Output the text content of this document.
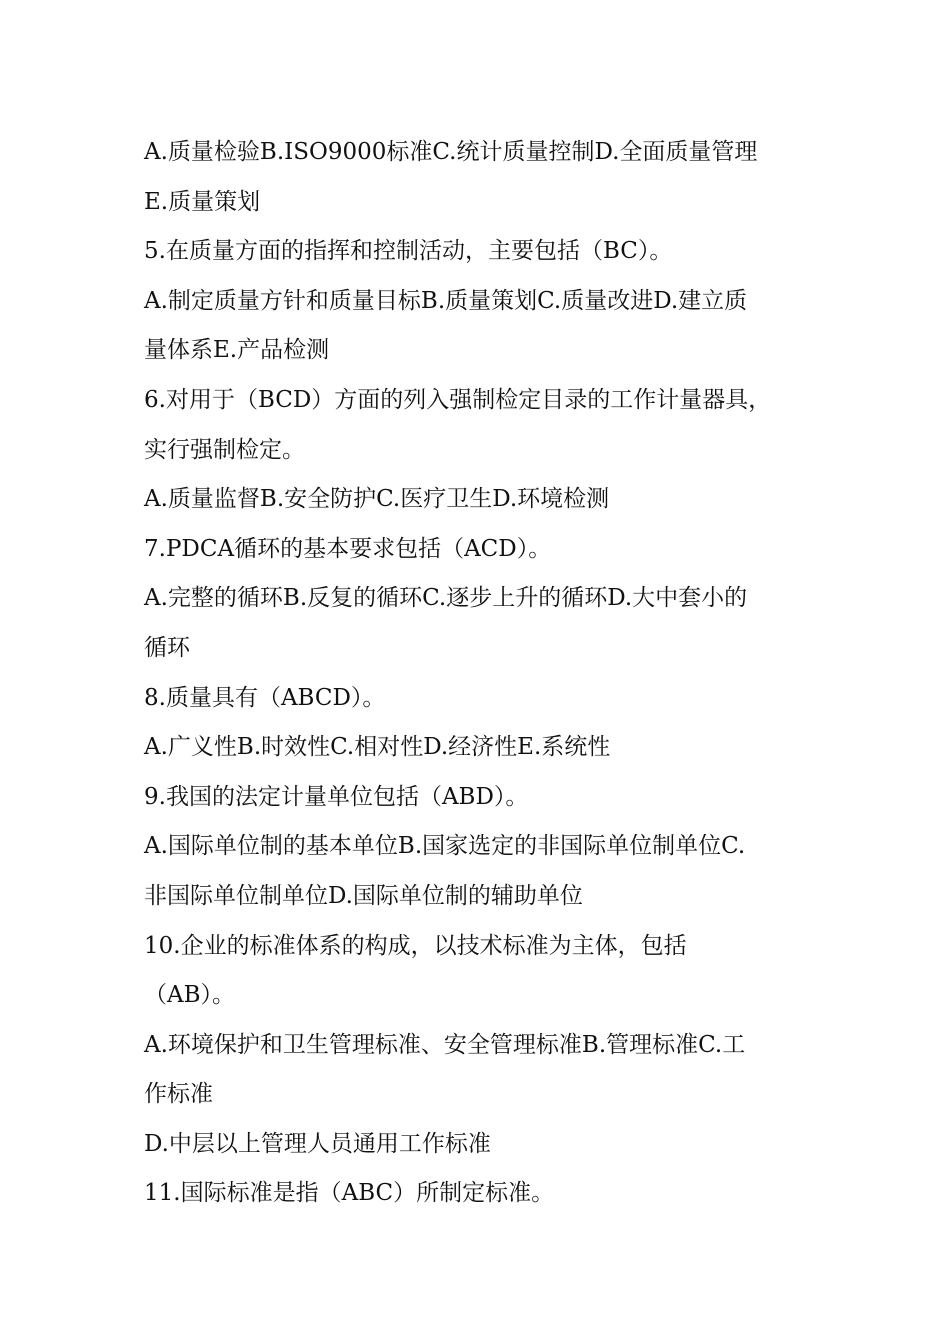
A.质量检验B.ISO9000标准C.统计质量控制D.全面质量管理
E.质量策划
5.在质量方面的指挥和控制活动，主要包括（BC）。
A.制定质量方针和质量目标B.质量策划C.质量改进D.建立质
量体系E.产品检测
6.对用于（BCD）方面的列入强制检定目录的工作计量器具，
实行强制检定。
A.质量监督B.安全防护C.医疗卫生D.环境检测
7.PDCA循环的基本要求包括（ACD）。
A.完整的循环B.反复的循环C.逐步上升的循环D.大中套小的
循环
8.质量具有（ABCD）。
A.广义性B.时效性C.相对性D.经济性E.系统性
9.我国的法定计量单位包括（ABD）。
A.国际单位制的基本单位B.国家选定的非国际单位制单位C.
非国际单位制单位D.国际单位制的辅助单位
10.企业的标准体系的构成，以技术标准为主体，包括
（AB）。
A.环境保护和卫生管理标准、安全管理标准B.管理标准C.工
作标准
D.中层以上管理人员通用工作标准
11.国际标准是指（ABC）所制定标准。
